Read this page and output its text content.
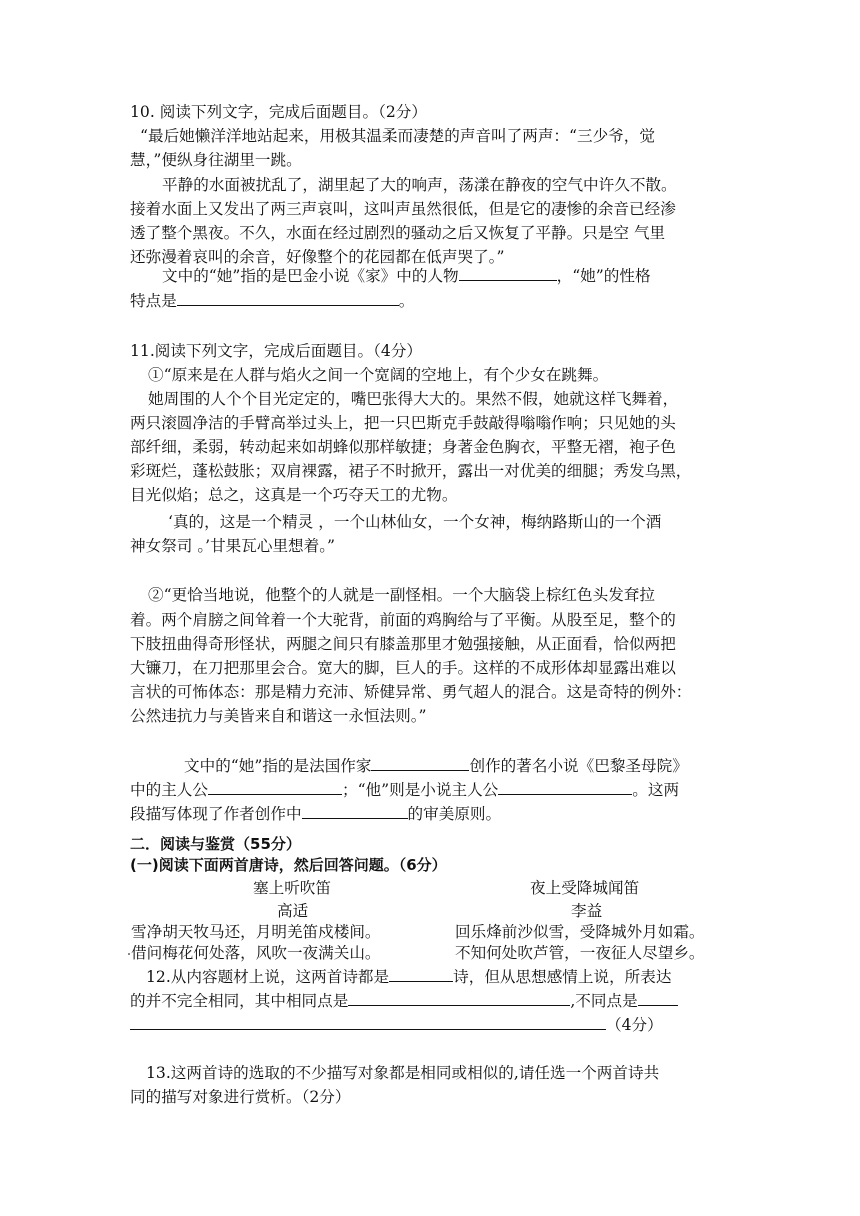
10. 阅读下列文字，完成后面题目。（2分）
“最后她懒洋洋地站起来，用极其温柔而凄楚的声音叫了两声：“三少爷，觉
慧，”便纵身往湖里一跳。
平静的水面被扰乱了，湖里起了大的响声，荡漾在静夜的空气中许久不散。
接着水面上又发出了两三声哀叫，这叫声虽然很低，但是它的凄惨的余音已经渗
透了整个黑夜。不久，水面在经过剧烈的骚动之后又恢复了平静。只是空 气里
还弥漫着哀叫的余音，好像整个的花园都在低声哭了。”
文中的“她”指的是巴金小说《家》中的人物	，“她”的性格
特点是	。
11.阅读下列文字，完成后面题目。（4分）
①“原来是在人群与焰火之间一个宽阔的空地上，有个少女在跳舞。
她周围的人个个目光定定的，嘴巴张得大大的。果然不假，她就这样飞舞着，
两只滚圆净洁的手臂高举过头上，把一只巴斯克手鼓敲得嗡嗡作响；只见她的头
部纤细，柔弱，转动起来如胡蜂似那样敏捷；身著金色胸衣，平整无褶，袍子色
彩斑烂，蓬松鼓胀；双肩裸露，裙子不时掀开，露出一对优美的细腿；秀发乌黑，
目光似焰；总之，这真是一个巧夺天工的尤物。
‘真的，这是一个精灵 ，一个山林仙女，一个女神，梅纳路斯山的一个酒
神女祭司 。’甘果瓦心里想着。”
②“更恰当地说，他整个的人就是一副怪相。一个大脑袋上棕红色头发耷拉
着。两个肩膀之间耸着一个大驼背，前面的鸡胸给与了平衡。从股至足，整个的
下肢扭曲得奇形怪状，两腿之间只有膝盖那里才勉强接触，从正面看，恰似两把
大镰刀，在刀把那里会合。宽大的脚，巨人的手。这样的不成形体却显露出难以
言状的可怖体态：那是精力充沛、矫健异常、勇气超人的混合。这是奇特的例外：
公然违抗力与美皆来自和谐这一永恒法则。”
文中的“她”指的是法国作家	创作的著名小说《巴黎圣母院》
中的主人公	；“他”则是小说主人公	。这两
段描写体现了作者创作中	的审美原则。
二．阅读与鉴赏（55分）
(一)阅读下面两首唐诗，然后回答问题。（6分）
塞上听吹笛
高适
雪净胡天牧马还，月明羌笛戍楼间。
借问梅花何处落，风吹一夜满关山。
夜上受降城闻笛
李益
回乐烽前沙似雪，受降城外月如霜。
不知何处吹芦管，一夜征人尽望乡。
12.从内容题材上说，这两首诗都是	诗，但从思想感情上说，所表达
的并不完全相同，其中相同点是	,不同点是
（4分）
13.这两首诗的选取的不少描写对象都是相同或相似的,请任选一个两首诗共
同的描写对象进行赏析。（2分）
